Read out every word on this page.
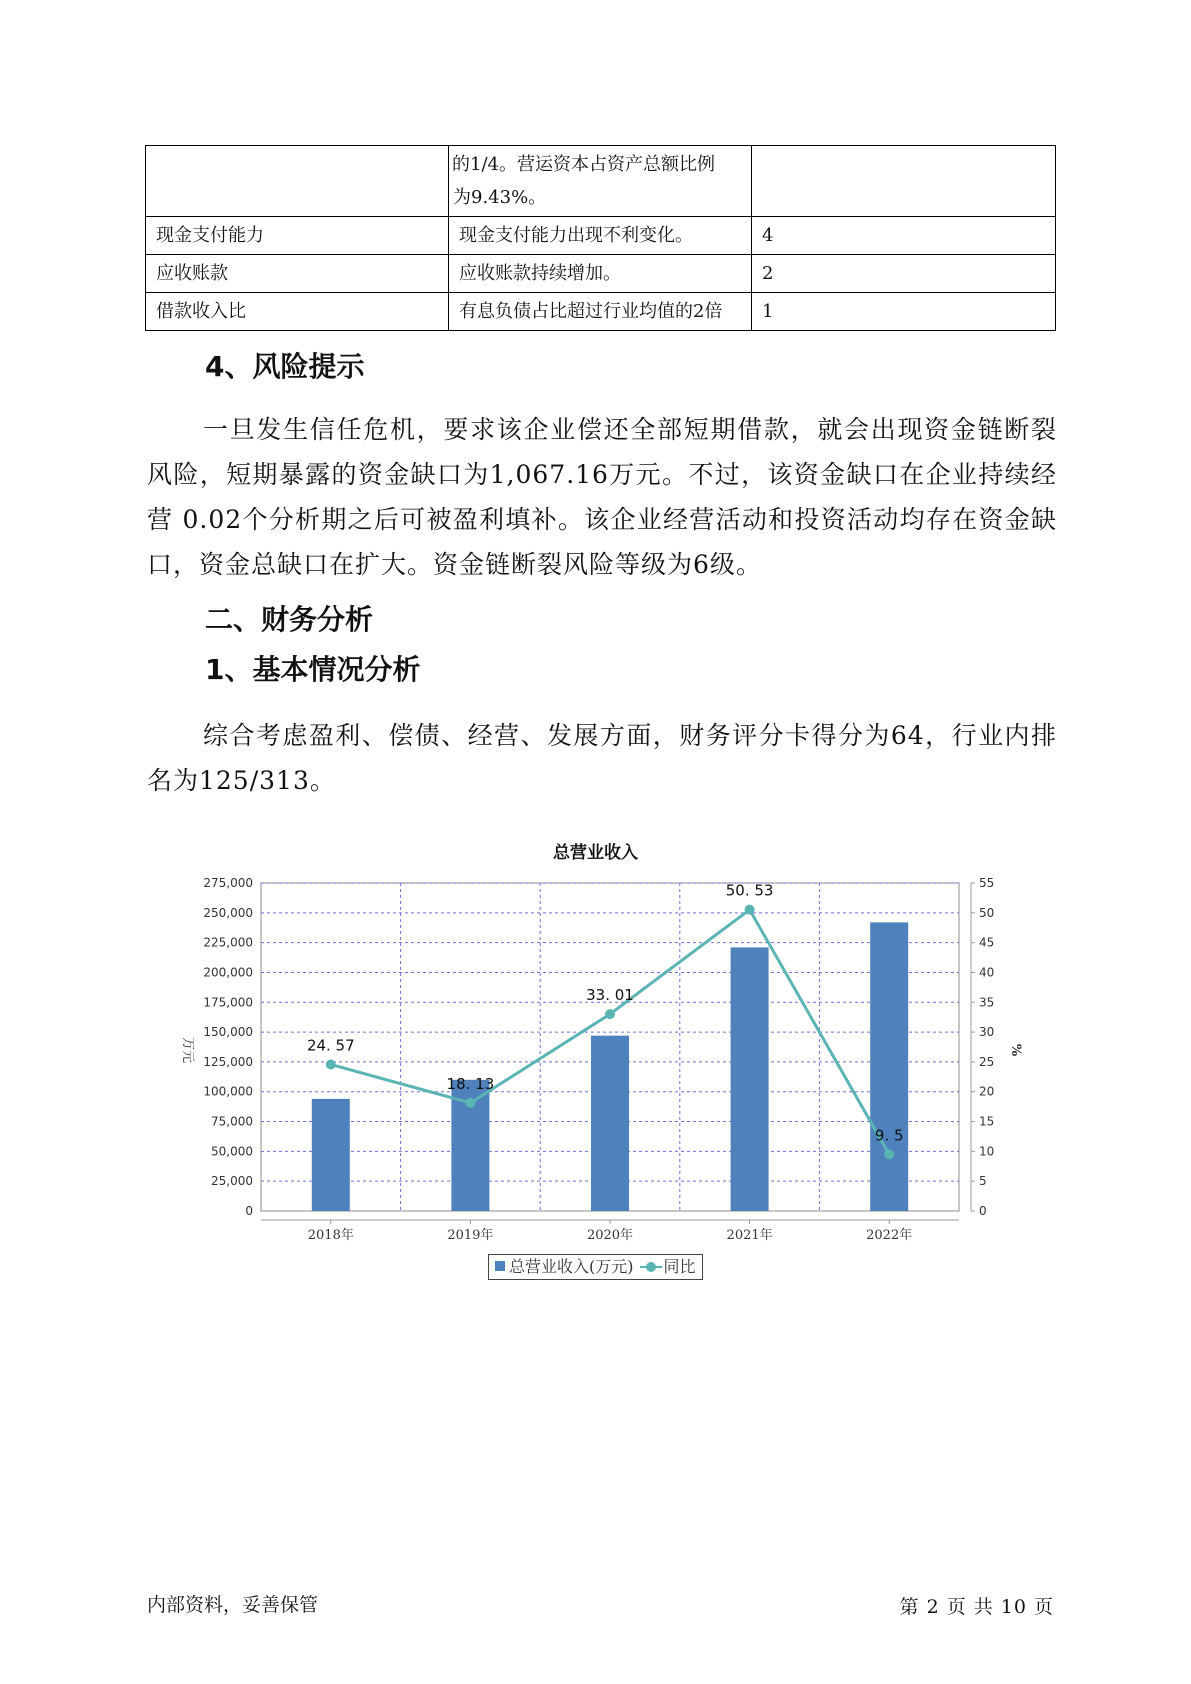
	的1/4。营运资本占资产总额比例
为9.43%。	

现金支付能力	现金支付能力出现不利变化。	4
应收账款	应收账款持续增加。	2
借款收入比	有息负债占比超过行业均值的2倍	1
4、风险提示
一旦发生信任危机，要求该企业偿还全部短期借款，就会出现资金链断裂风险，短期暴露的资金缺口为1,067.16万元。不过，该资金缺口在企业持续经营 0.02个分析期之后可被盈利填补。该企业经营活动和投资活动均存在资金缺口，资金总缺口在扩大。资金链断裂风险等级为6级。
二、财务分析
1、基本情况分析
综合考虑盈利、偿债、经营、发展方面，财务评分卡得分为64，行业内排名为125/313。
总营业收入
0
25,000
50,000
75,000
100,000
125,000
150,000
175,000
200,000
225,000
250,000
275,000
0
5
10
15
20
25
30
35
40
45
50
55
万元	%
2018年	2019年	2020年	2021年	2022年
24. 57
18. 13
33. 01
50. 53
9. 5
总营业收入(万元) 同比
内部资料，妥善保管	第 2 页 共 10 页
